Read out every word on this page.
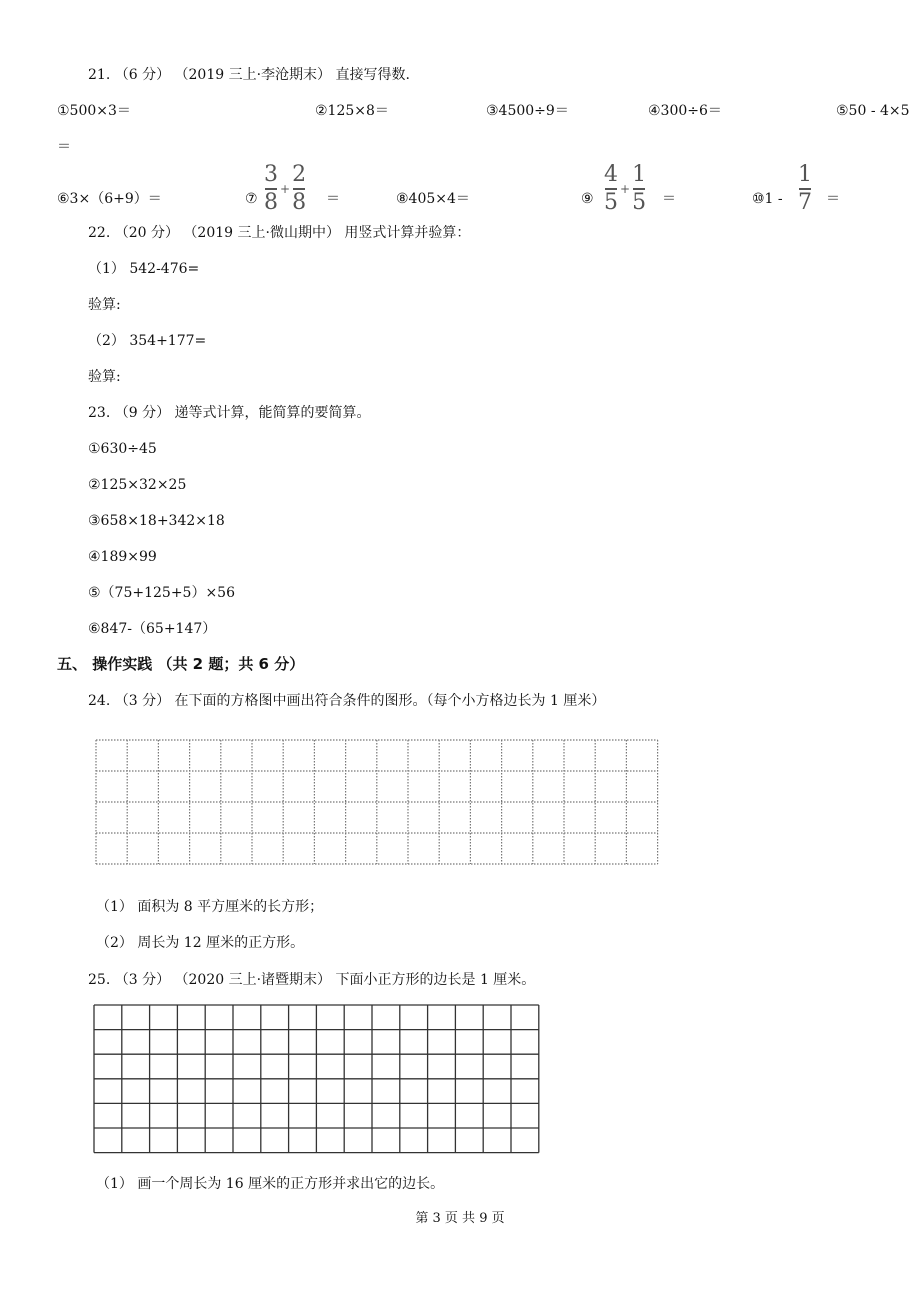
21. （6 分） （2019 三上·李沧期末） 直接写得数.
①500×3＝	②125×8＝	③4500÷9＝	④300÷6＝	⑤50 - 4×5
＝
⑥3×（6+9）＝	⑦ $\frac{3}{8} + \frac{2}{8}$ ＝	⑧405×4＝	⑨ $\frac{4}{5} + \frac{1}{5}$ ＝	⑩1 -
1
7 ＝
22. （20 分） （2019 三上·微山期中） 用竖式计算并验算：
（1） 542-476=
验算:
（2） 354+177=
验算:
23. （9 分） 递等式计算，能简算的要简算。
①630÷45
②125×32×25
③658×18+342×18
④189×99
⑤（75+125+5）×56
⑥847-（65+147）
五、 操作实践 （共 2 题；共 6 分）
24. （3 分） 在下面的方格图中画出符合条件的图形。（每个小方格边长为 1 厘米）
（1） 面积为 8 平方厘米的长方形；
（2） 周长为 12 厘米的正方形。
25. （3 分） （2020 三上·诸暨期末） 下面小正方形的边长是 1 厘米。
（1） 画一个周长为 16 厘米的正方形并求出它的边长。
第 3 页 共 9 页
